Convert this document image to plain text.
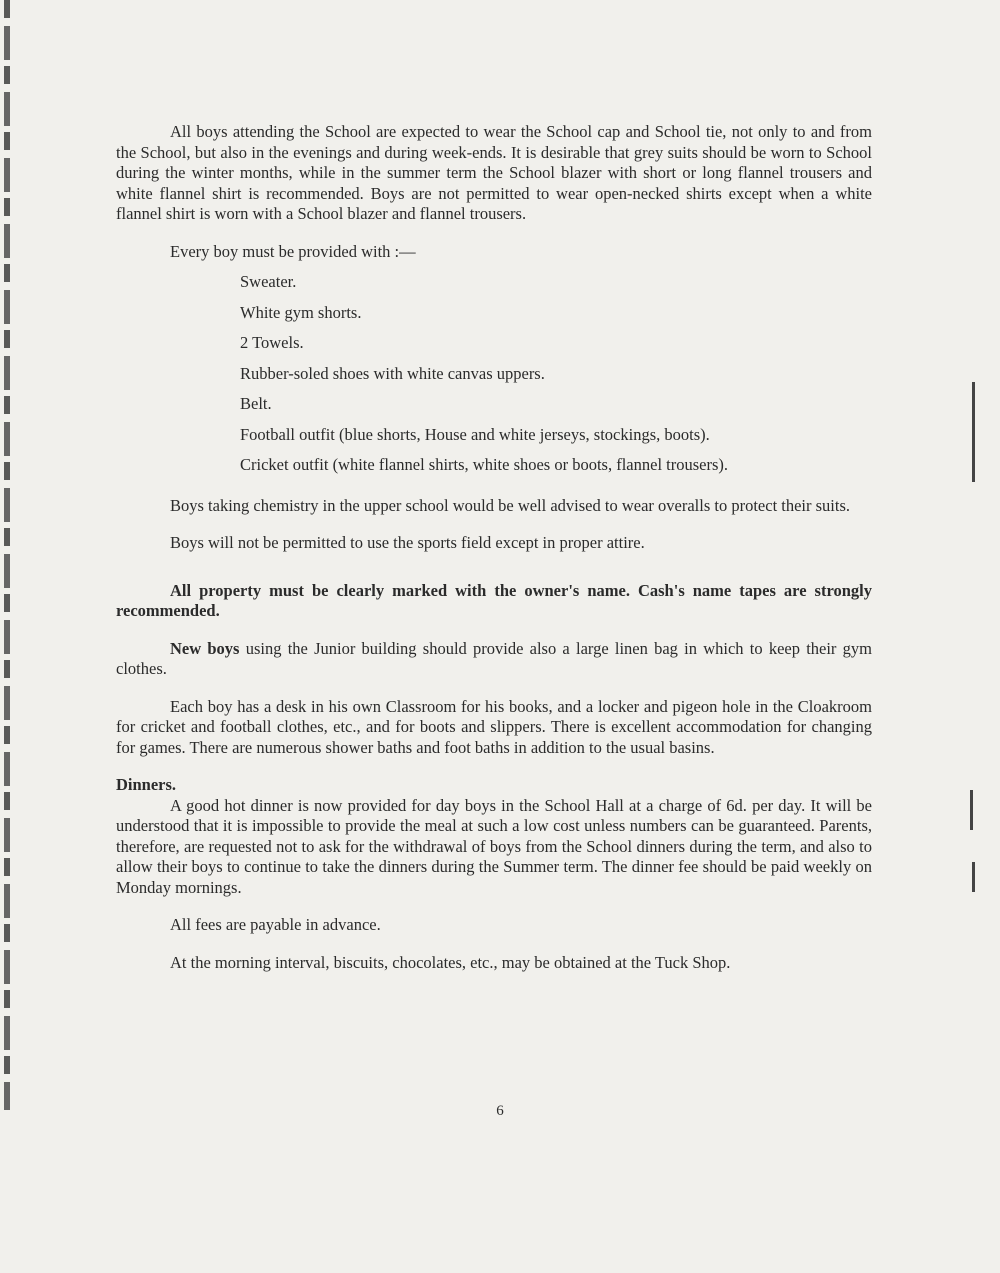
All boys attending the School are expected to wear the School cap and School tie, not only to and from the School, but also in the evenings and during week-ends. It is desirable that grey suits should be worn to School during the winter months, while in the summer term the School blazer with short or long flannel trousers and white flannel shirt is recommended. Boys are not permitted to wear open-necked shirts except when a white flannel shirt is worn with a School blazer and flannel trousers.

Every boy must be provided with :—

Sweater.
White gym shorts.
2 Towels.
Rubber-soled shoes with white canvas uppers.
Belt.
Football outfit (blue shorts, House and white jerseys, stockings, boots).
Cricket outfit (white flannel shirts, white shoes or boots, flannel trousers).

Boys taking chemistry in the upper school would be well advised to wear overalls to protect their suits.

Boys will not be permitted to use the sports field except in proper attire.

All property must be clearly marked with the owner's name. Cash's name tapes are strongly recommended.

New boys using the Junior building should provide also a large linen bag in which to keep their gym clothes.

Each boy has a desk in his own Classroom for his books, and a locker and pigeon hole in the Cloakroom for cricket and football clothes, etc., and for boots and slippers. There is excellent accommodation for changing for games. There are numerous shower baths and foot baths in addition to the usual basins.

Dinners.

A good hot dinner is now provided for day boys in the School Hall at a charge of 6d. per day. It will be understood that it is impossible to provide the meal at such a low cost unless numbers can be guaranteed. Parents, therefore, are requested not to ask for the withdrawal of boys from the School dinners during the term, and also to allow their boys to continue to take the dinners during the Summer term. The dinner fee should be paid weekly on Monday mornings.

All fees are payable in advance.

At the morning interval, biscuits, chocolates, etc., may be obtained at the Tuck Shop.

6
